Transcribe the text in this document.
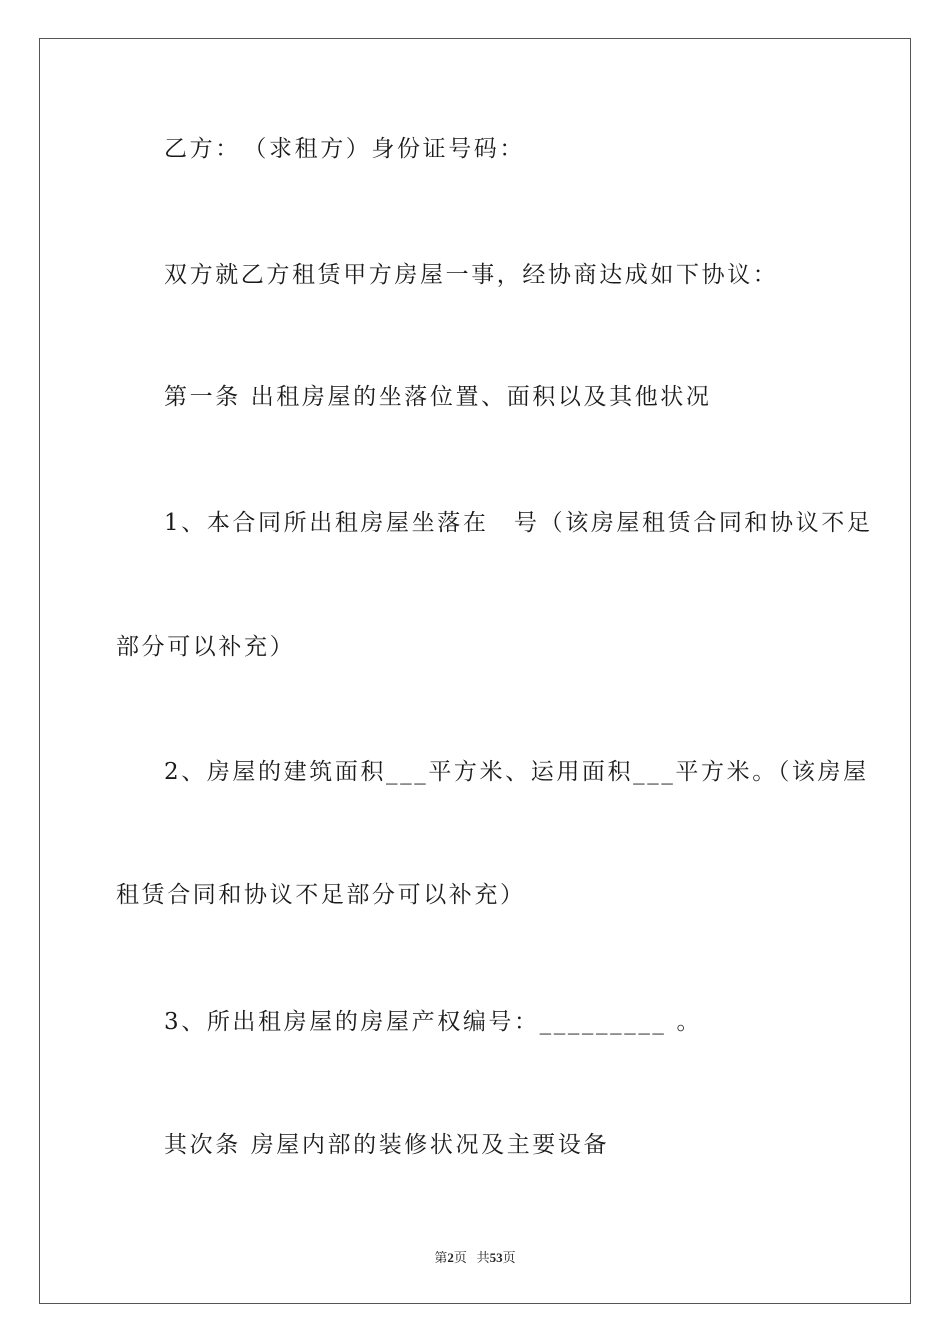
乙方：　（求租方）身份证号码：
双方就乙方租赁甲方房屋一事，经协商达成如下协议：
第一条 出租房屋的坐落位置、面积以及其他状况
1、本合同所出租房屋坐落在　号（该房屋租赁合同和协议不足
部分可以补充）
2、房屋的建筑面积___平方米、运用面积___平方米。（该房屋
租赁合同和协议不足部分可以补充）
3、所出租房屋的房屋产权编号：_________ 。
其次条 房屋内部的装修状况及主要设备
第2页 共53页
